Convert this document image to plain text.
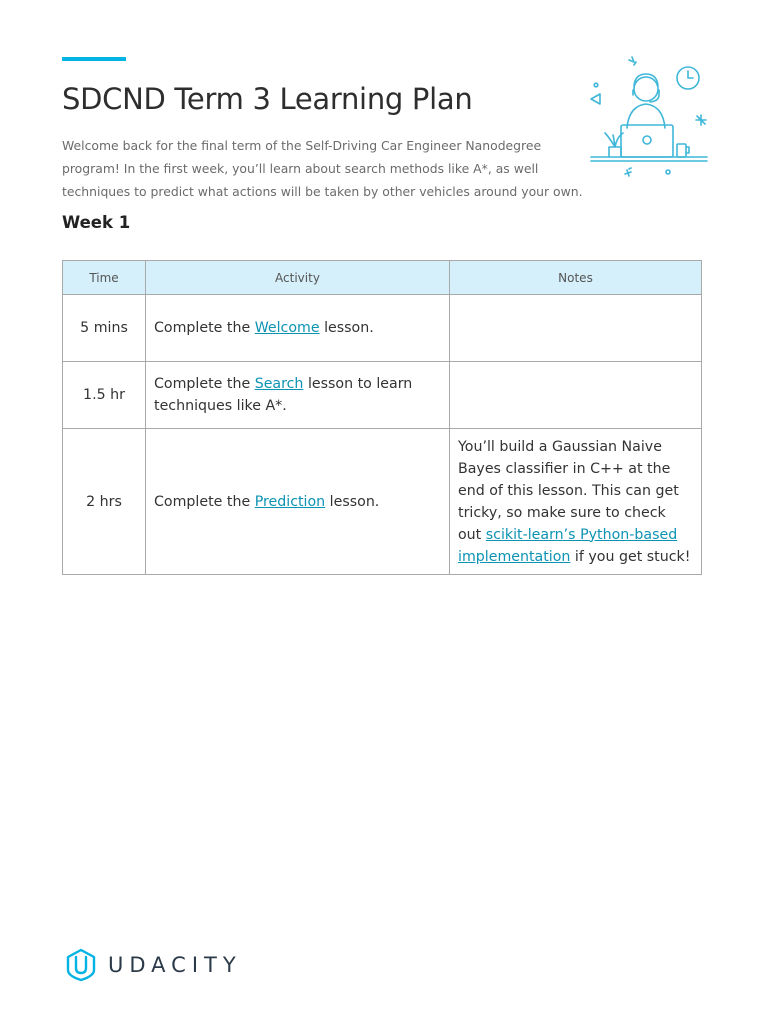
SDCND Term 3 Learning Plan

Welcome back for the final term of the Self-Driving Car Engineer Nanodegree
program! In the first week, you’ll learn about search methods like A*, as well
techniques to predict what actions will be taken by other vehicles around your own.

Week 1
Time	Activity	Notes
5 mins	Complete the Welcome lesson.	
1.5 hr	Complete the Search lesson to learn techniques like A*.	
2 hrs	Complete the Prediction lesson.	You’ll build a Gaussian Naive Bayes classifier in C++ at the end of this lesson. This can get tricky, so make sure to check out scikit-learn’s Python-based implementation if you get stuck!
UDACITY
